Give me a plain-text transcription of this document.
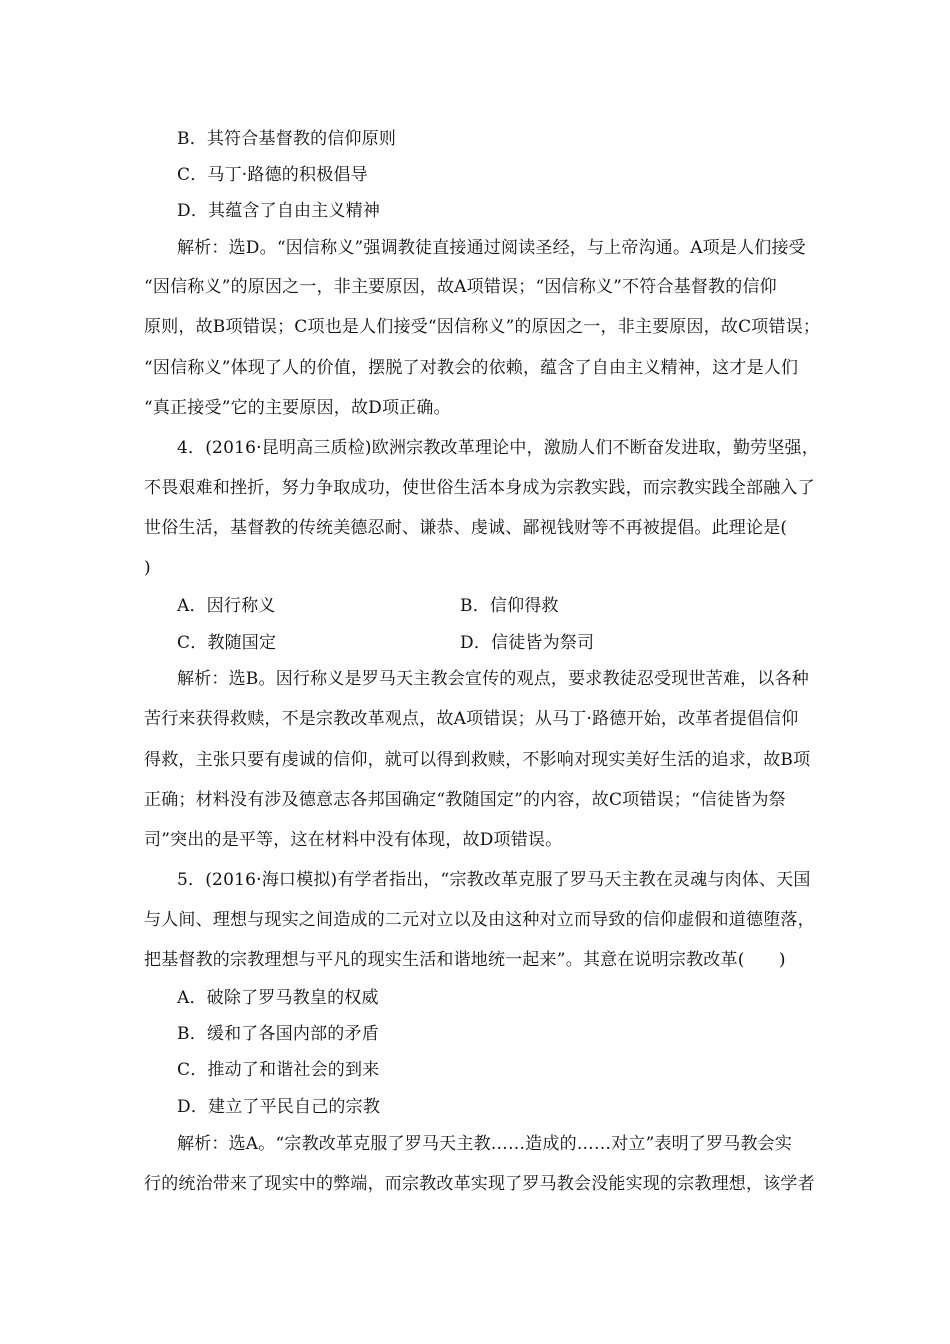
B．其符合基督教的信仰原则
C．马丁·路德的积极倡导
D．其蕴含了自由主义精神
解析：选D。“因信称义”强调教徒直接通过阅读圣经，与上帝沟通。A项是人们接受
“因信称义”的原因之一，非主要原因，故A项错误；“因信称义”不符合基督教的信仰
原则，故B项错误；C项也是人们接受“因信称义”的原因之一，非主要原因，故C项错误；
“因信称义”体现了人的价值，摆脱了对教会的依赖，蕴含了自由主义精神，这才是人们
“真正接受”它的主要原因，故D项正确。
4．(2016·昆明高三质检)欧洲宗教改革理论中，激励人们不断奋发进取，勤劳坚强，
不畏艰难和挫折，努力争取成功，使世俗生活本身成为宗教实践，而宗教实践全部融入了
世俗生活，基督教的传统美德忍耐、谦恭、虔诚、鄙视钱财等不再被提倡。此理论是(
)
A．因行称义	B．信仰得救
C．教随国定	D．信徒皆为祭司
解析：选B。因行称义是罗马天主教会宣传的观点，要求教徒忍受现世苦难，以各种
苦行来获得救赎，不是宗教改革观点，故A项错误；从马丁·路德开始，改革者提倡信仰
得救，主张只要有虔诚的信仰，就可以得到救赎，不影响对现实美好生活的追求，故B项
正确；材料没有涉及德意志各邦国确定“教随国定”的内容，故C项错误；“信徒皆为祭
司”突出的是平等，这在材料中没有体现，故D项错误。
5．(2016·海口模拟)有学者指出，“宗教改革克服了罗马天主教在灵魂与肉体、天国
与人间、理想与现实之间造成的二元对立以及由这种对立而导致的信仰虚假和道德堕落，
把基督教的宗教理想与平凡的现实生活和谐地统一起来”。其意在说明宗教改革(　　)
A．破除了罗马教皇的权威
B．缓和了各国内部的矛盾
C．推动了和谐社会的到来
D．建立了平民自己的宗教
解析：选A。“宗教改革克服了罗马天主教……造成的……对立”表明了罗马教会实
行的统治带来了现实中的弊端，而宗教改革实现了罗马教会没能实现的宗教理想，该学者
